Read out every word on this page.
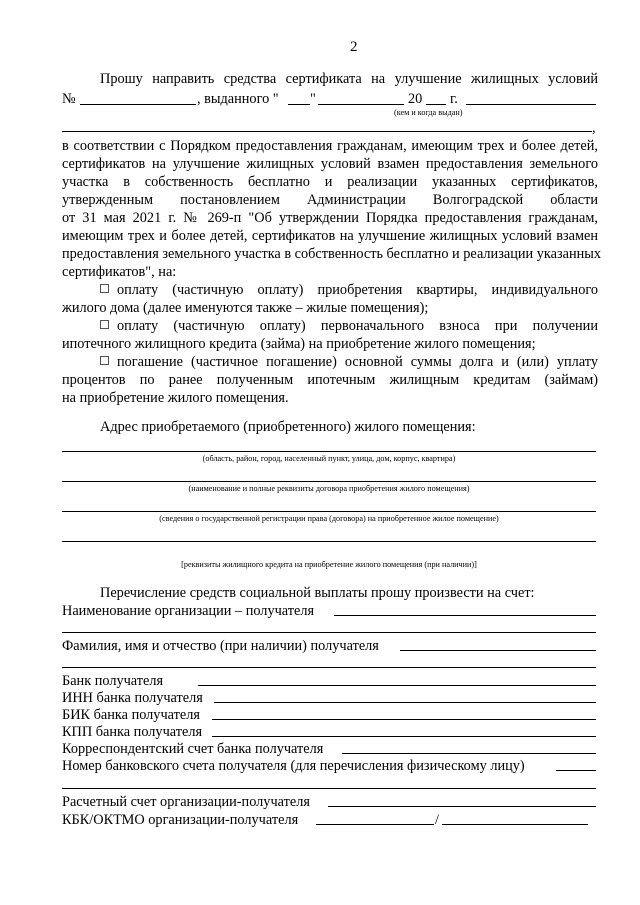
2
Прошу направить средства сертификата на улучшение жилищных условий
№	, выданного " "	20 г.
(кем и когда выдан)
,
в соответствии с Порядком предоставления гражданам, имеющим трех и более детей,
сертификатов на улучшение жилищных условий взамен предоставления земельного
участка в собственность бесплатно и реализации указанных сертификатов,
утвержденным постановлением Администрации Волгоградской области
от 31 мая 2021 г. № 269-п "Об утверждении Порядка предоставления гражданам,
имеющим трех и более детей, сертификатов на улучшение жилищных условий взамен
предоставления земельного участка в собственность бесплатно и реализации указанных
сертификатов", на:
оплату (частичную оплату) приобретения квартиры, индивидуального
жилого дома (далее именуются также – жилые помещения);
оплату (частичную оплату) первоначального взноса при получении
ипотечного жилищного кредита (займа) на приобретение жилого помещения;
погашение (частичное погашение) основной суммы долга и (или) уплату
процентов по ранее полученным ипотечным жилищным кредитам (займам)
на приобретение жилого помещения.
Адрес приобретаемого (приобретенного) жилого помещения:
(область, район, город, населенный пункт, улица, дом, корпус, квартира)
(наименование и полные реквизиты договора приобретения жилого помещения)
(сведения о государственной регистрации права (договора) на приобретенное жилое помещение)
[реквизиты жилищного кредита на приобретение жилого помещения (при наличии)]
Перечисление средств социальной выплаты прошу произвести на счет:
Наименование организации – получателя
Фамилия, имя и отчество (при наличии) получателя
Банк получателя
ИНН банка получателя
БИК банка получателя
КПП банка получателя
Корреспондентский счет банка получателя
Номер банковского счета получателя (для перечисления физическому лицу)
Расчетный счет организации-получателя
КБК/ОКТМО организации-получателя	/
